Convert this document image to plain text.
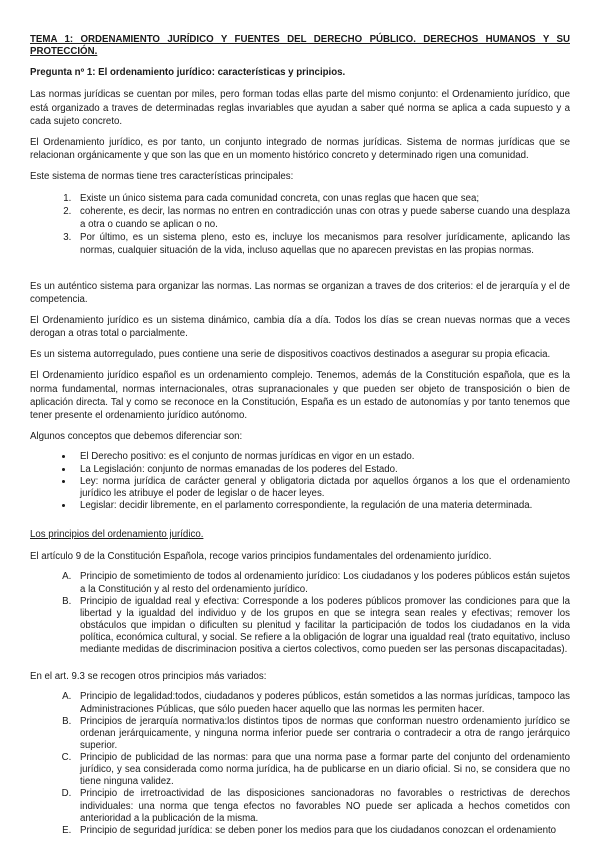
TEMA 1: ORDENAMIENTO JURÍDICO Y FUENTES DEL DERECHO PÚBLICO. DERECHOS HUMANOS Y SU PROTECCIÓN.

Pregunta nº 1: El ordenamiento jurídico: características y principios.

Las normas jurídicas se cuentan por miles, pero forman todas ellas parte del mismo conjunto: el Ordenamiento jurídico, que está organizado a traves de determinadas reglas invariables que ayudan a saber qué norma se aplica a cada supuesto y a cada sujeto concreto.

El Ordenamiento jurídico, es por tanto, un conjunto integrado de normas jurídicas. Sistema de normas jurídicas que se relacionan orgánicamente y que son las que en un momento histórico concreto y determinado rigen una comunidad.

Este sistema de normas tiene tres características principales:

1. Existe un único sistema para cada comunidad concreta, con unas reglas que hacen que sea;
2. coherente, es decir, las normas no entren en contradicción unas con otras y puede saberse cuando una desplaza a otra o cuando se aplican o no.
3. Por último, es un sistema pleno, esto es, incluye los mecanismos para resolver jurídicamente, aplicando las normas, cualquier situación de la vida, incluso aquellas que no aparecen previstas en las propias normas.

Es un auténtico sistema para organizar las normas. Las normas se organizan a traves de dos criterios: el de jerarquía y el de competencia.

El Ordenamiento jurídico es un sistema dinámico, cambia día a día. Todos los días se crean nuevas normas que a veces derogan a otras total o parcialmente.

Es un sistema autorregulado, pues contiene una serie de dispositivos coactivos destinados a asegurar su propia eficacia.

El Ordenamiento jurídico español es un ordenamiento complejo. Tenemos, además de la Constitución española, que es la norma fundamental, normas internacionales, otras supranacionales y que pueden ser objeto de transposición o bien de aplicación directa. Tal y como se reconoce en la Constitución, España es un estado de autonomías y por tanto tenemos que tener presente el ordenamiento jurídico autónomo.

Algunos conceptos que debemos diferenciar son:

• El Derecho positivo: es el conjunto de normas jurídicas en vigor en un estado.
• La Legislación: conjunto de normas emanadas de los poderes del Estado.
• Ley: norma jurídica de carácter general y obligatoria dictada por aquellos órganos a los que el ordenamiento jurídico les atribuye el poder de legislar o de hacer leyes.
• Legislar: decidir libremente, en el parlamento correspondiente, la regulación de una materia determinada.

Los principios del ordenamiento jurídico.

El artículo 9 de la Constitución Española, recoge varios principios fundamentales del ordenamiento jurídico.

A. Principio de sometimiento de todos al ordenamiento jurídico: Los ciudadanos y los poderes públicos están sujetos a la Constitución y al resto del ordenamiento jurídico.
B. Principio de igualdad real y efectiva: Corresponde a los poderes públicos promover las condiciones para que la libertad y la igualdad del individuo y de los grupos en que se integra sean reales y efectivas; remover los obstáculos que impidan o dificulten su plenitud y facilitar la participación de todos los ciudadanos en la vida política, económica cultural, y social. Se refiere a la obligación de lograr una igualdad real (trato equitativo, incluso mediante medidas de discriminacion positiva a ciertos colectivos, como pueden ser las personas discapacitadas).

En el art. 9.3 se recogen otros principios más variados:

A. Principio de legalidad:todos, ciudadanos y poderes públicos, están sometidos a las normas jurídicas, tampoco las Administraciones Públicas, que sólo pueden hacer aquello que las normas les permiten hacer.
B. Principios de jerarquía normativa:los distintos tipos de normas que conforman nuestro ordenamiento jurídico se ordenan jerárquicamente, y ninguna norma inferior puede ser contraria o contradecir a otra de rango jerárquico superior.
C. Principio de publicidad de las normas: para que una norma pase a formar parte del conjunto del ordenamiento jurídico, y sea considerada como norma jurídica, ha de publicarse en un diario oficial. Si no, se considera que no tiene ninguna validez.
D. Principio de irretroactividad de las disposiciones sancionadoras no favorables o restrictivas de derechos individuales: una norma que tenga efectos no favorables NO puede ser aplicada a hechos cometidos con anterioridad a la publicación de la misma.
E. Principio de seguridad jurídica: se deben poner los medios para que los ciudadanos conozcan el ordenamiento
